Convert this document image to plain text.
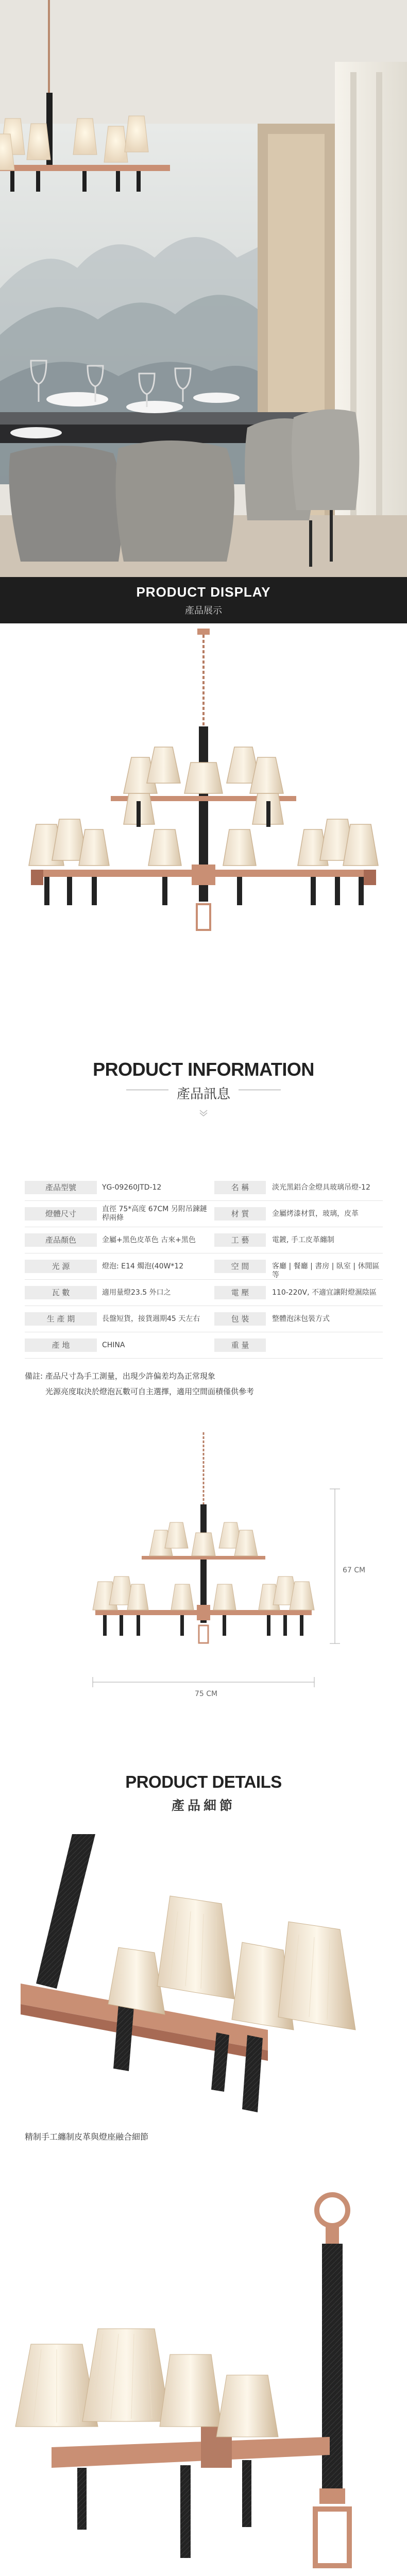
PRODUCT DISPLAY
產品展示
PRODUCT INFORMATION
產品訊息
產品型號	YG-09260JTD-12	名 稱	淡光黑鋁合金燈具玻璃吊燈-12
燈體尺寸	直徑 75*高度 67CM 另附吊鍊鏈桿兩條	材 質	金屬烤漆材質，玻璃，皮革
產品顏色	金屬+黑色皮革色 古來+黑色	工 藝	電鍍, 手工皮革纏制
光 源	燈泡: E14 燭泡(40W*12	空 間	客廳 | 餐廳 | 書房 | 臥室 | 休閒區等
瓦 數	適用量燈23.5 外口之	電 壓	110-220V, 不適宜讓附燈濕陰區
生 產 期	長盤短貨，接貨週期45 天左右	包 裝	整體泡沫包裝方式
產 地	CHINA	重 量
備註: 產品尺寸為手工測量，出現少許偏差均為正常現象
光源亮度取決於燈泡瓦數可自主選擇，適用空間面積僅供參考
67 CM
75 CM
PRODUCT DETAILS
產品細節
精制手工纏制皮革與燈座融合細節
